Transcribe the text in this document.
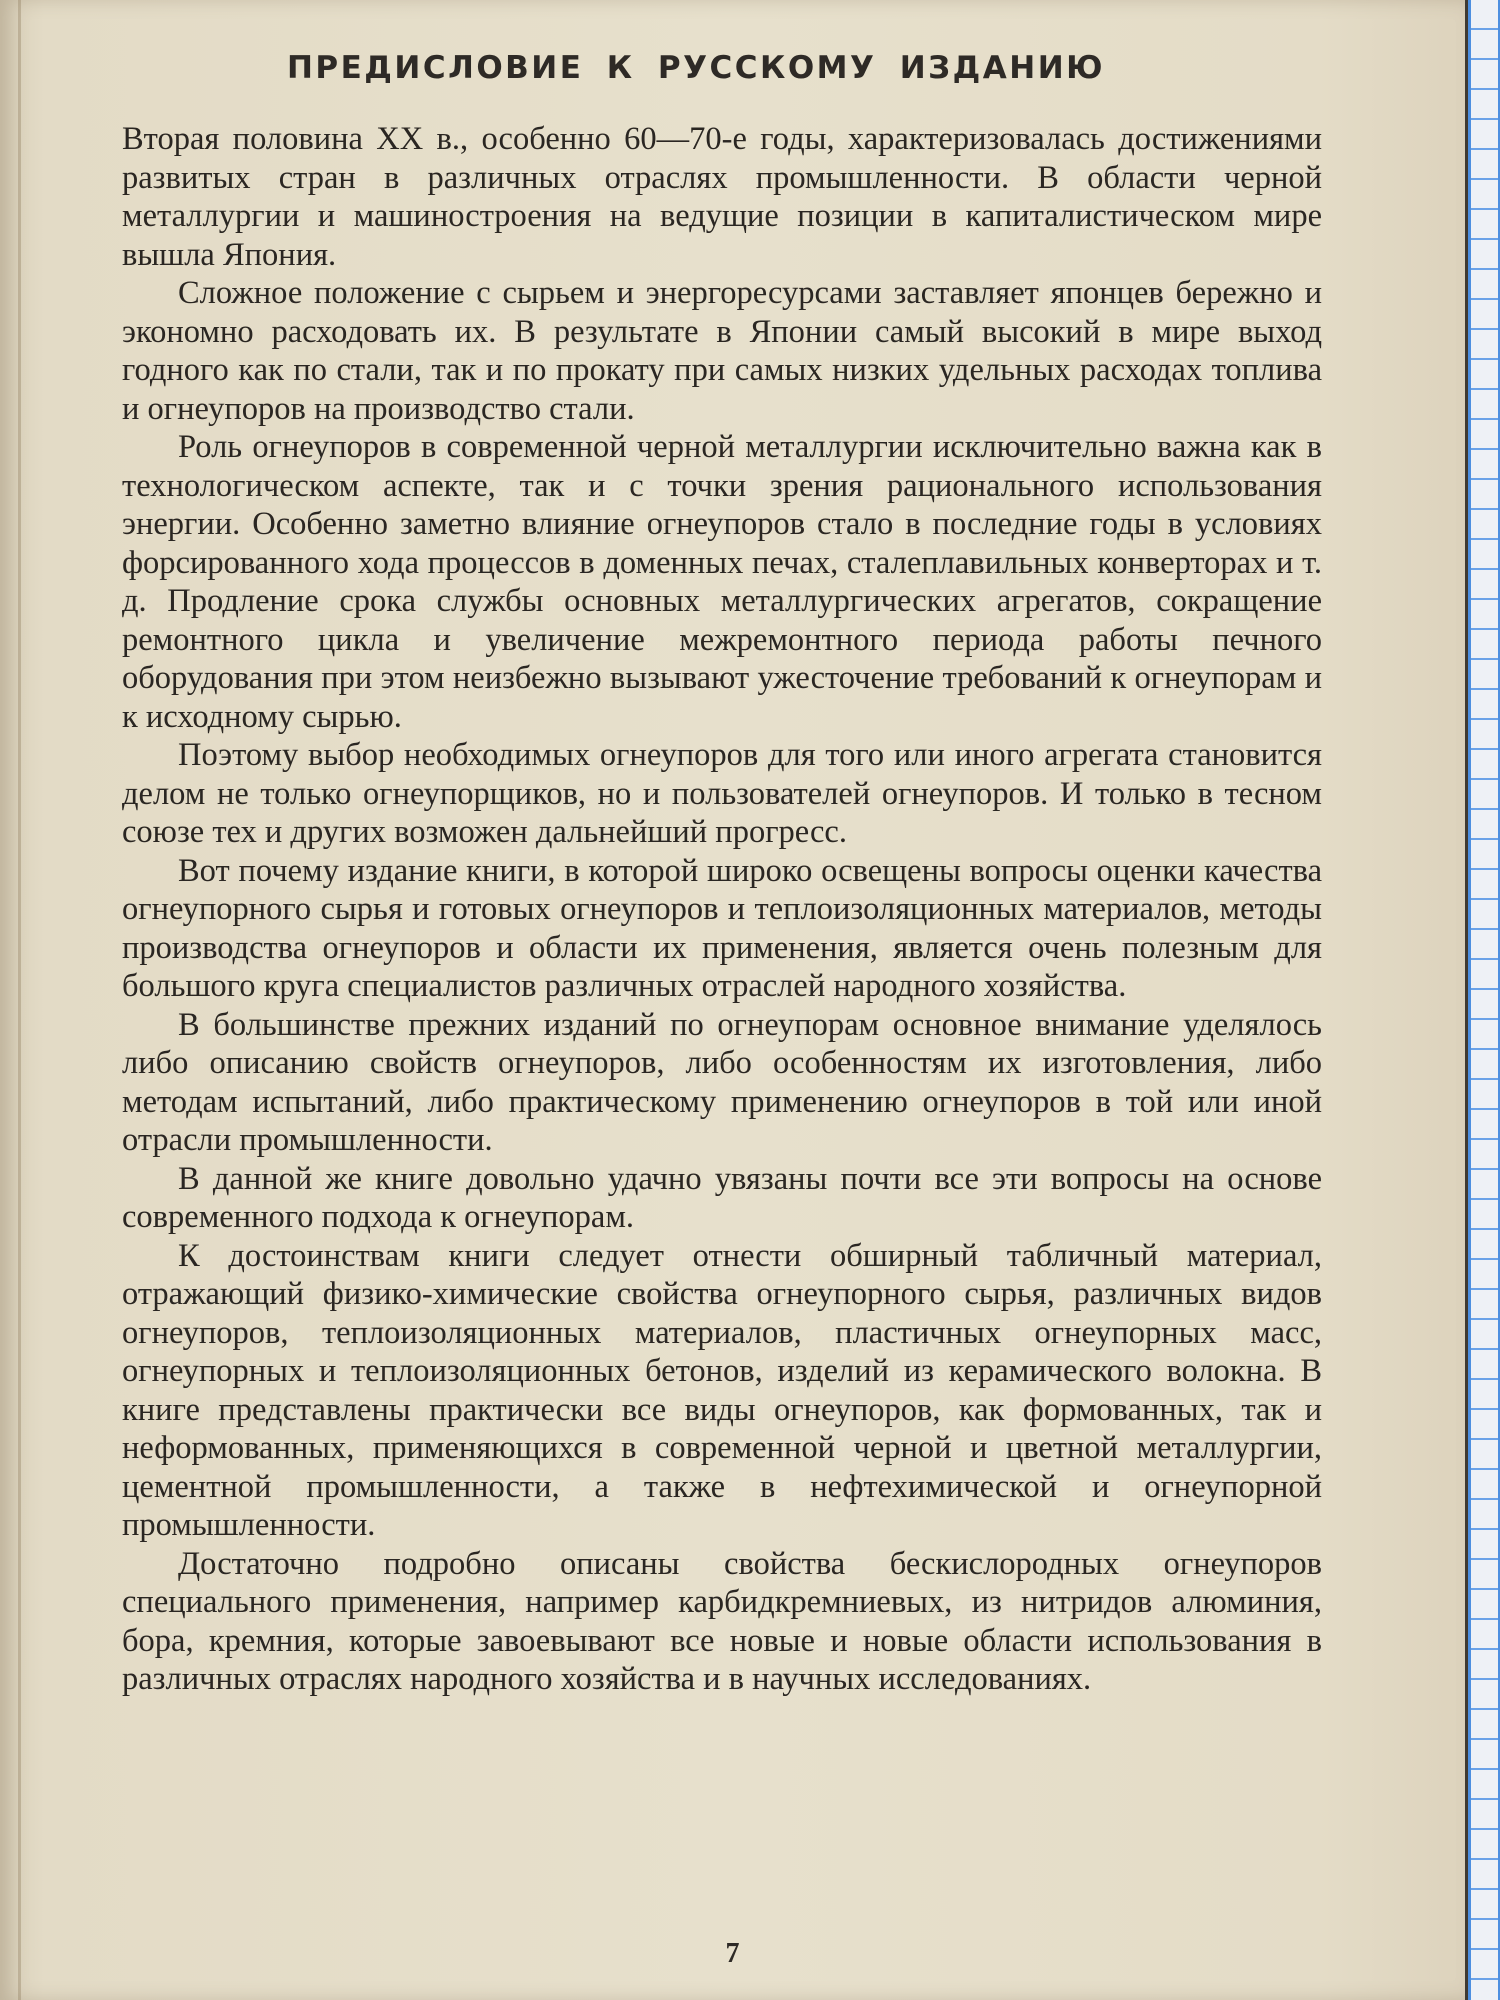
ПРЕДИСЛОВИЕ К РУССКОМУ ИЗДАНИЮ

Вторая половина XX в., особенно 60—70-е годы, характеризовалась достижениями развитых стран в различных отраслях промышленности. В области черной металлургии и машиностроения на ведущие позиции в капиталистическом мире вышла Япония.

Сложное положение с сырьем и энергоресурсами заставляет японцев бережно и экономно расходовать их. В результате в Японии самый высокий в мире выход годного как по стали, так и по прокату при самых низких удельных расходах топлива и огнеупоров на производство стали.

Роль огнеупоров в современной черной металлургии исключительно важна как в технологическом аспекте, так и с точки зрения рационального использования энергии. Особенно заметно влияние огнеупоров стало в последние годы в условиях форсированного хода процессов в доменных печах, сталеплавильных конверторах и т. д. Продление срока службы основных металлургических агрегатов, сокращение ремонтного цикла и увеличение межремонтного периода работы печного оборудования при этом неизбежно вызывают ужесточение требований к огнеупорам и к исходному сырью.

Поэтому выбор необходимых огнеупоров для того или иного агрегата становится делом не только огнеупорщиков, но и пользователей огнеупоров. И только в тесном союзе тех и других возможен дальнейший прогресс.

Вот почему издание книги, в которой широко освещены вопросы оценки качества огнеупорного сырья и готовых огнеупоров и теплоизоляционных материалов, методы производства огнеупоров и области их применения, является очень полезным для большого круга специалистов различных отраслей народного хозяйства.

В большинстве прежних изданий по огнеупорам основное внимание уделялось либо описанию свойств огнеупоров, либо особенностям их изготовления, либо методам испытаний, либо практическому применению огнеупоров в той или иной отрасли промышленности.

В данной же книге довольно удачно увязаны почти все эти вопросы на основе современного подхода к огнеупорам.

К достоинствам книги следует отнести обширный табличный материал, отражающий физико-химические свойства огнеупорного сырья, различных видов огнеупоров, теплоизоляционных материалов, пластичных огнеупорных масс, огнеупорных и теплоизоляционных бетонов, изделий из керамического волокна. В книге представлены практически все виды огнеупоров, как формованных, так и неформованных, применяющихся в современной черной и цветной металлургии, цементной промышленности, а также в нефтехимической и огнеупорной промышленности.

Достаточно подробно описаны свойства бескислородных огнеупоров специального применения, например карбидкремниевых, из нитридов алюминия, бора, кремния, которые завоевывают все новые и новые области использования в различных отраслях народного хозяйства и в научных исследованиях.

7
